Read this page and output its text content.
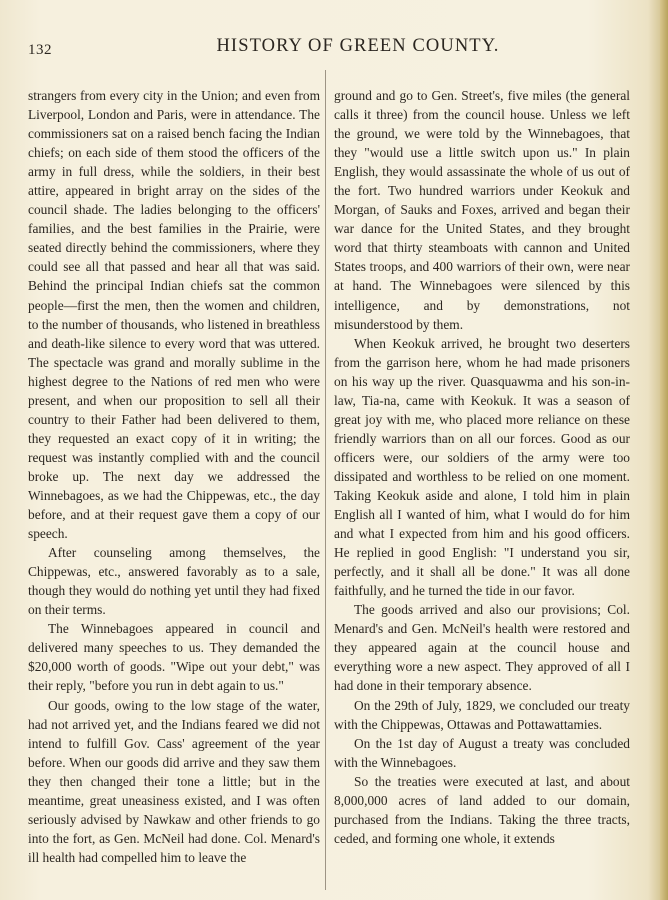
132	HISTORY OF GREEN COUNTY.

strangers from every city in the Union; and even from Liverpool, London and Paris, were in attendance. The commissioners sat on a raised bench facing the Indian chiefs; on each side of them stood the officers of the army in full dress, while the soldiers, in their best attire, appeared in bright array on the sides of the council shade. The ladies belonging to the officers' families, and the best families in the Prairie, were seated directly behind the commissioners, where they could see all that passed and hear all that was said. Behind the principal Indian chiefs sat the common people—first the men, then the women and children, to the number of thousands, who listened in breathless and death-like silence to every word that was uttered. The spectacle was grand and morally sublime in the highest degree to the Nations of red men who were present, and when our proposition to sell all their country to their Father had been delivered to them, they requested an exact copy of it in writing; the request was instantly complied with and the council broke up. The next day we addressed the Winnebagoes, as we had the Chippewas, etc., the day before, and at their request gave them a copy of our speech.

After counseling among themselves, the Chippewas, etc., answered favorably as to a sale, though they would do nothing yet until they had fixed on their terms.

The Winnebagoes appeared in council and delivered many speeches to us. They demanded the $20,000 worth of goods. "Wipe out your debt," was their reply, "before you run in debt again to us."

Our goods, owing to the low stage of the water, had not arrived yet, and the Indians feared we did not intend to fulfill Gov. Cass' agreement of the year before. When our goods did arrive and they saw them they then changed their tone a little; but in the meantime, great uneasiness existed, and I was often seriously advised by Nawkaw and other friends to go into the fort, as Gen. McNeil had done. Col. Menard's ill health had compelled him to leave the

ground and go to Gen. Street's, five miles (the general calls it three) from the council house. Unless we left the ground, we were told by the Winnebagoes, that they "would use a little switch upon us." In plain English, they would assassinate the whole of us out of the fort. Two hundred warriors under Keokuk and Morgan, of Sauks and Foxes, arrived and began their war dance for the United States, and they brought word that thirty steamboats with cannon and United States troops, and 400 warriors of their own, were near at hand. The Winnebagoes were silenced by this intelligence, and by demonstrations, not misunderstood by them.

When Keokuk arrived, he brought two deserters from the garrison here, whom he had made prisoners on his way up the river. Quasquawma and his son-in-law, Tia-na, came with Keokuk. It was a season of great joy with me, who placed more reliance on these friendly warriors than on all our forces. Good as our officers were, our soldiers of the army were too dissipated and worthless to be relied on one moment. Taking Keokuk aside and alone, I told him in plain English all I wanted of him, what I would do for him and what I expected from him and his good officers. He replied in good English: "I understand you sir, perfectly, and it shall all be done." It was all done faithfully, and he turned the tide in our favor.

The goods arrived and also our provisions; Col. Menard's and Gen. McNeil's health were restored and they appeared again at the council house and everything wore a new aspect. They approved of all I had done in their temporary absence.

On the 29th of July, 1829, we concluded our treaty with the Chippewas, Ottawas and Pottawattamies.

On the 1st day of August a treaty was concluded with the Winnebagoes.

So the treaties were executed at last, and about 8,000,000 acres of land added to our domain, purchased from the Indians. Taking the three tracts, ceded, and forming one whole, it extends
